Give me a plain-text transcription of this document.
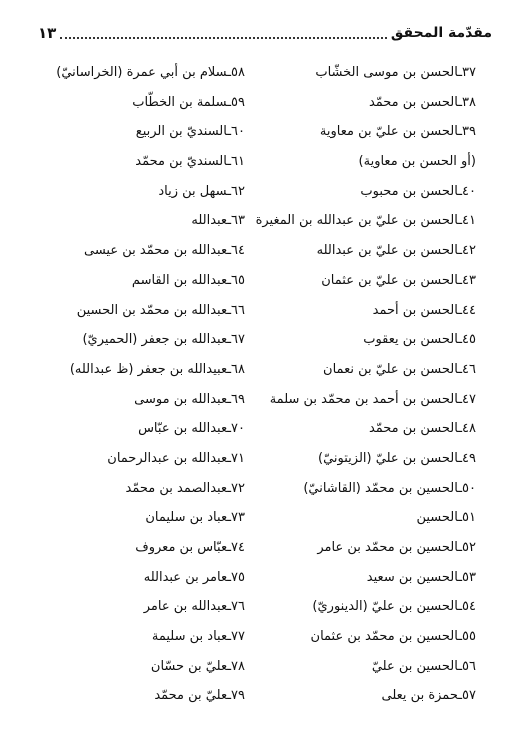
مقدّمة المحقق
١٣
٣٧ـالحسن بن موسى الخشّاب
٣٨ـالحسن بن محمّد
٣٩ـالحسن بن عليّ بن معاوية
(أو الحسن بن معاوية)
٤٠ـالحسن بن محبوب
٤١ـالحسن بن عليّ بن عبدالله بن المغيرة
٤٢ـالحسن بن عليّ بن عبدالله
٤٣ـالحسن بن عليّ بن عثمان
٤٤ـالحسن بن أحمد
٤٥ـالحسن بن يعقوب
٤٦ـالحسن بن عليّ بن نعمان
٤٧ـالحسن بن أحمد بن محمّد بن سلمة
٤٨ـالحسن بن محمّد
٤٩ـالحسن بن عليّ (الزيتونيّ)
٥٠ـالحسين بن محمّد (القاشانيّ)
٥١ـالحسين
٥٢ـالحسين بن محمّد بن عامر
٥٣ـالحسين بن سعيد
٥٤ـالحسين بن عليّ (الدينوريّ)
٥٥ـالحسين بن محمّد بن عثمان
٥٦ـالحسين بن عليّ
٥٧ـحمزة بن يعلى
٥٨ـسلام بن أبي عمرة (الخراسانيّ)
٥٩ـسلمة بن الخطّاب
٦٠ـالسنديّ بن الربيع
٦١ـالسنديّ بن محمّد
٦٢ـسهل بن زياد
٦٣ـعبدالله
٦٤ـعبدالله بن محمّد بن عيسى
٦٥ـعبدالله بن القاسم
٦٦ـعبدالله بن محمّد بن الحسين
٦٧ـعبدالله بن جعفر (الحميريّ)
٦٨ـعبيدالله بن جعفر (ظ عبدالله)
٦٩ـعبدالله بن موسى
٧٠ـعبدالله بن عبّاس
٧١ـعبدالله بن عبدالرحمان
٧٢ـعبدالصمد بن محمّد
٧٣ـعباد بن سليمان
٧٤ـعبّاس بن معروف
٧٥ـعامر بن عبدالله
٧٦ـعبدالله بن عامر
٧٧ـعباد بن سليمة
٧٨ـعليّ بن حسّان
٧٩ـعليّ بن محمّد
